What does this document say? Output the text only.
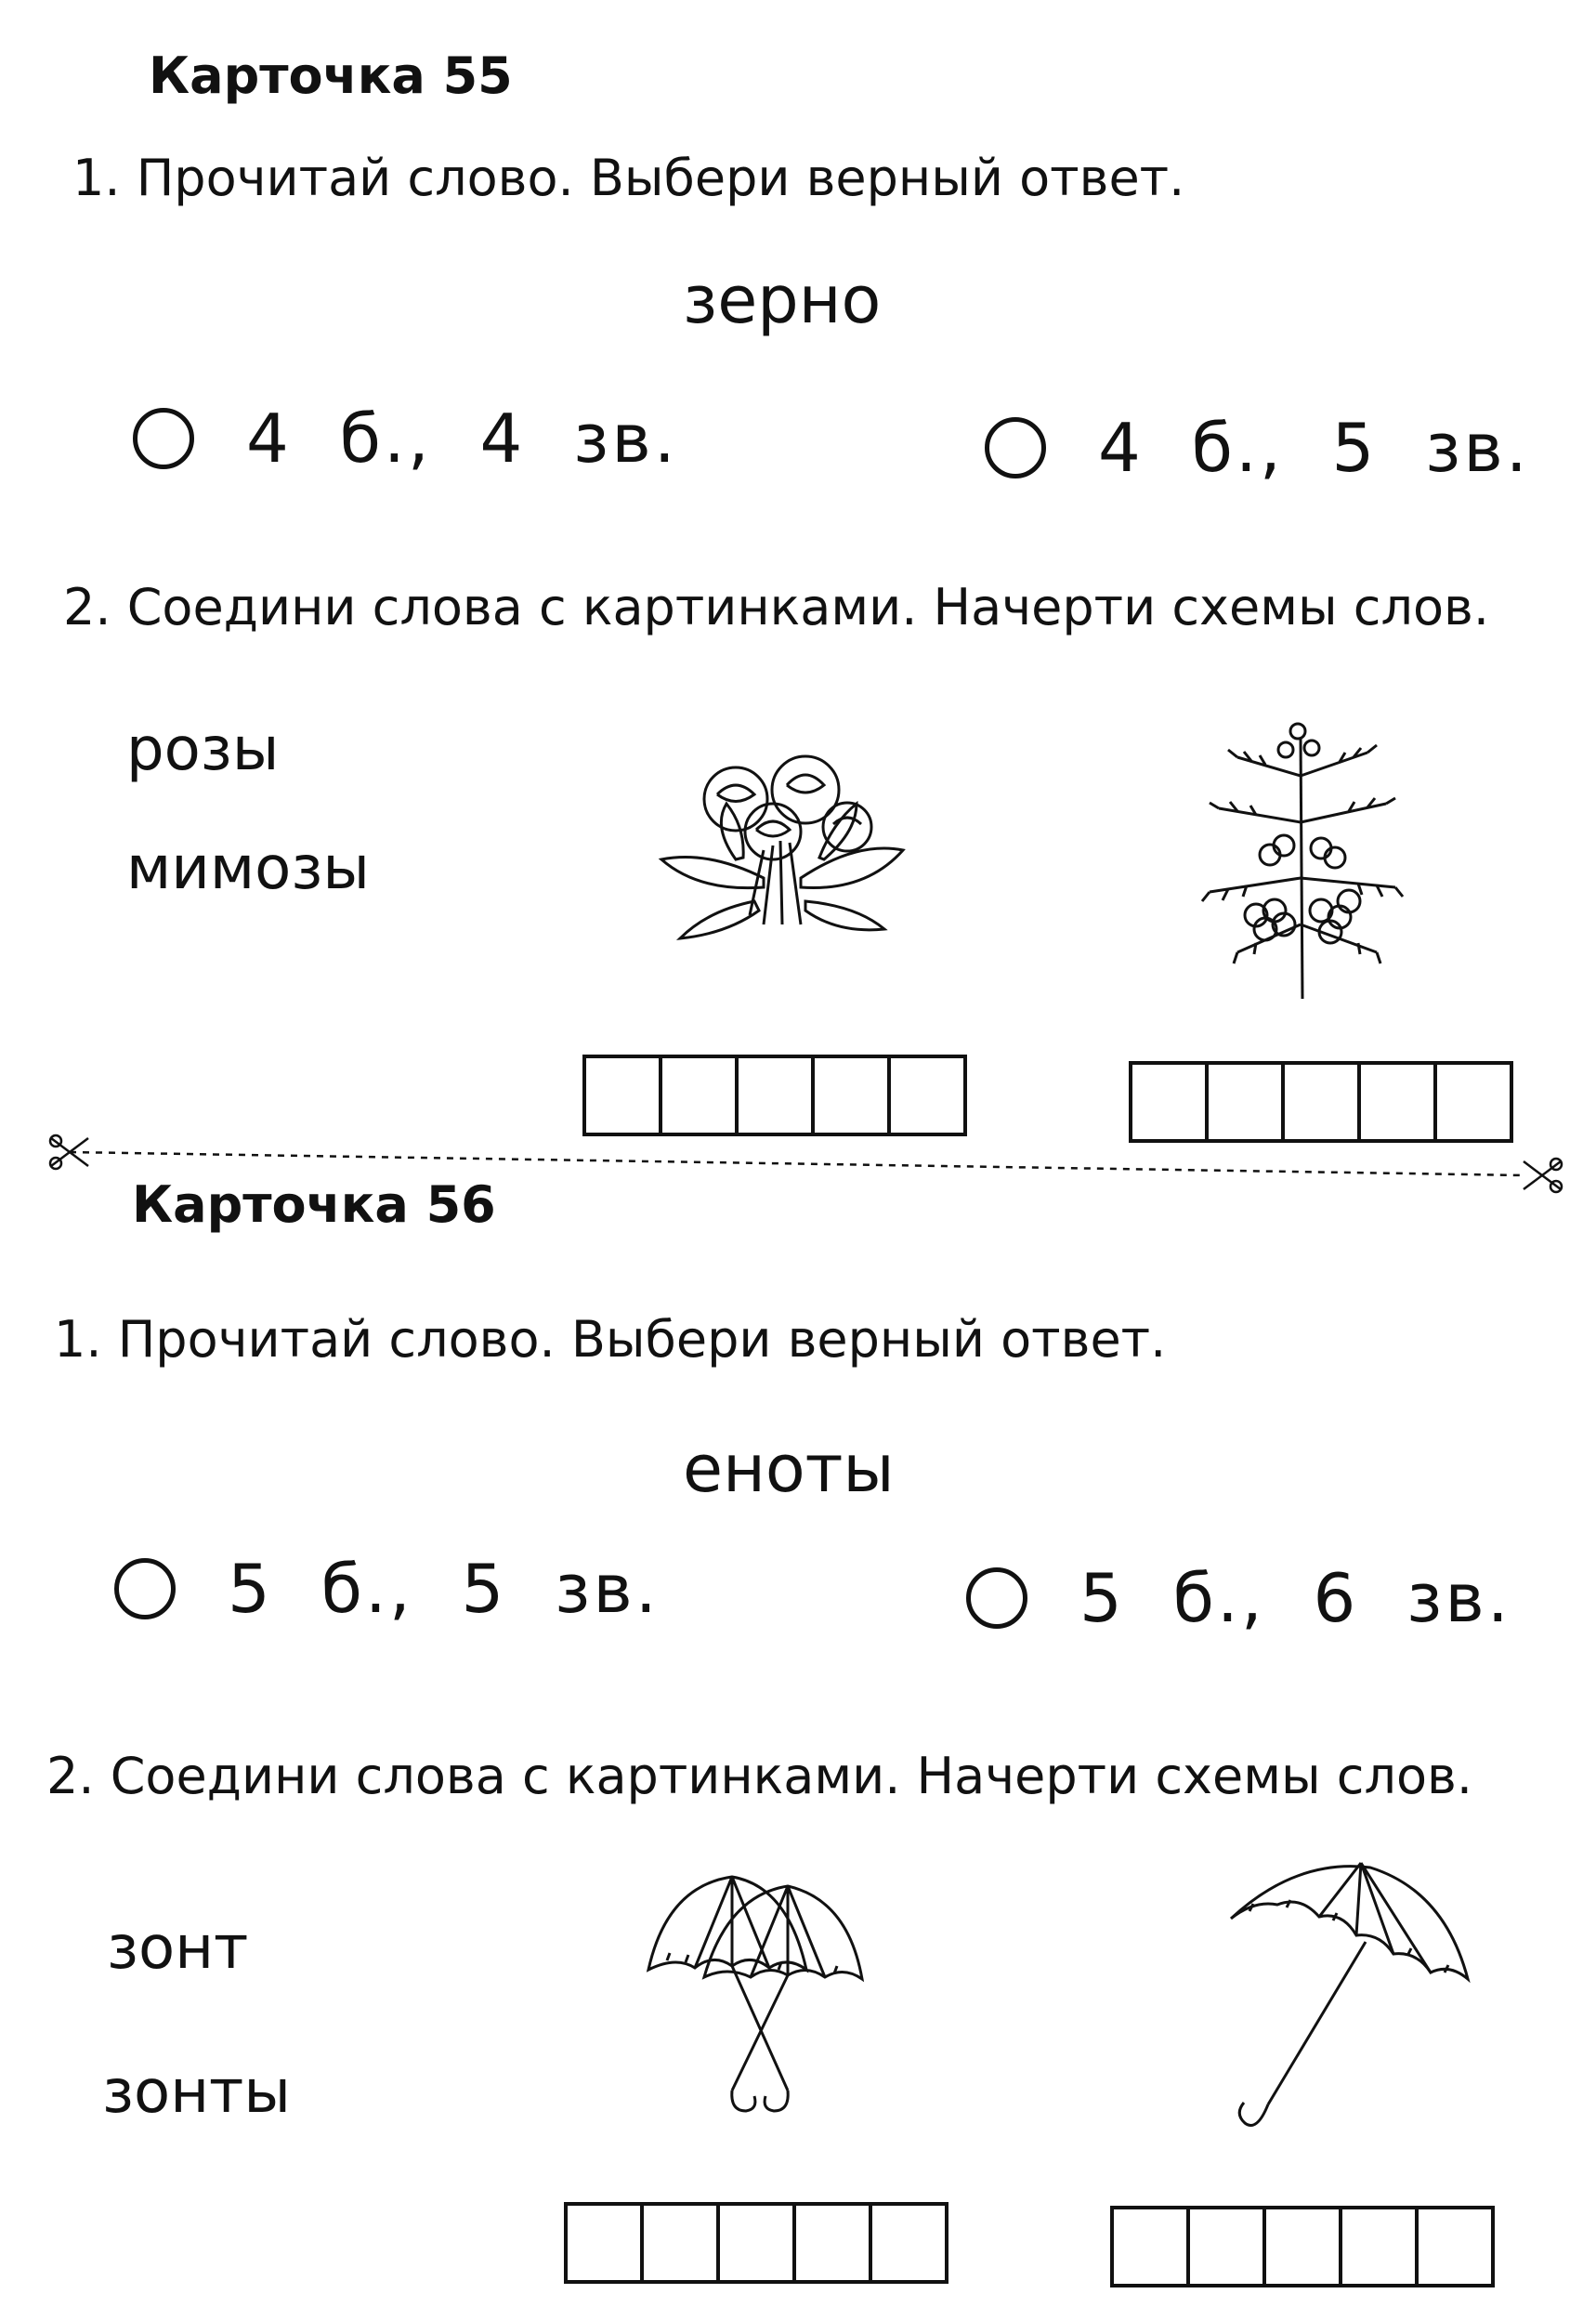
Карточка 55
1. Прочитай слово. Выбери верный ответ.
зерно
4  б.,  4  зв.	4  б.,  5  зв.
2. Соедини слова с картинками. Начерти схемы слов.
розы
мимозы
Карточка 56
1. Прочитай слово. Выбери верный ответ.
еноты
5  б.,  5  зв.	5  б.,  6  зв.
2. Соедини слова с картинками. Начерти схемы слов.
зонт
зонты
